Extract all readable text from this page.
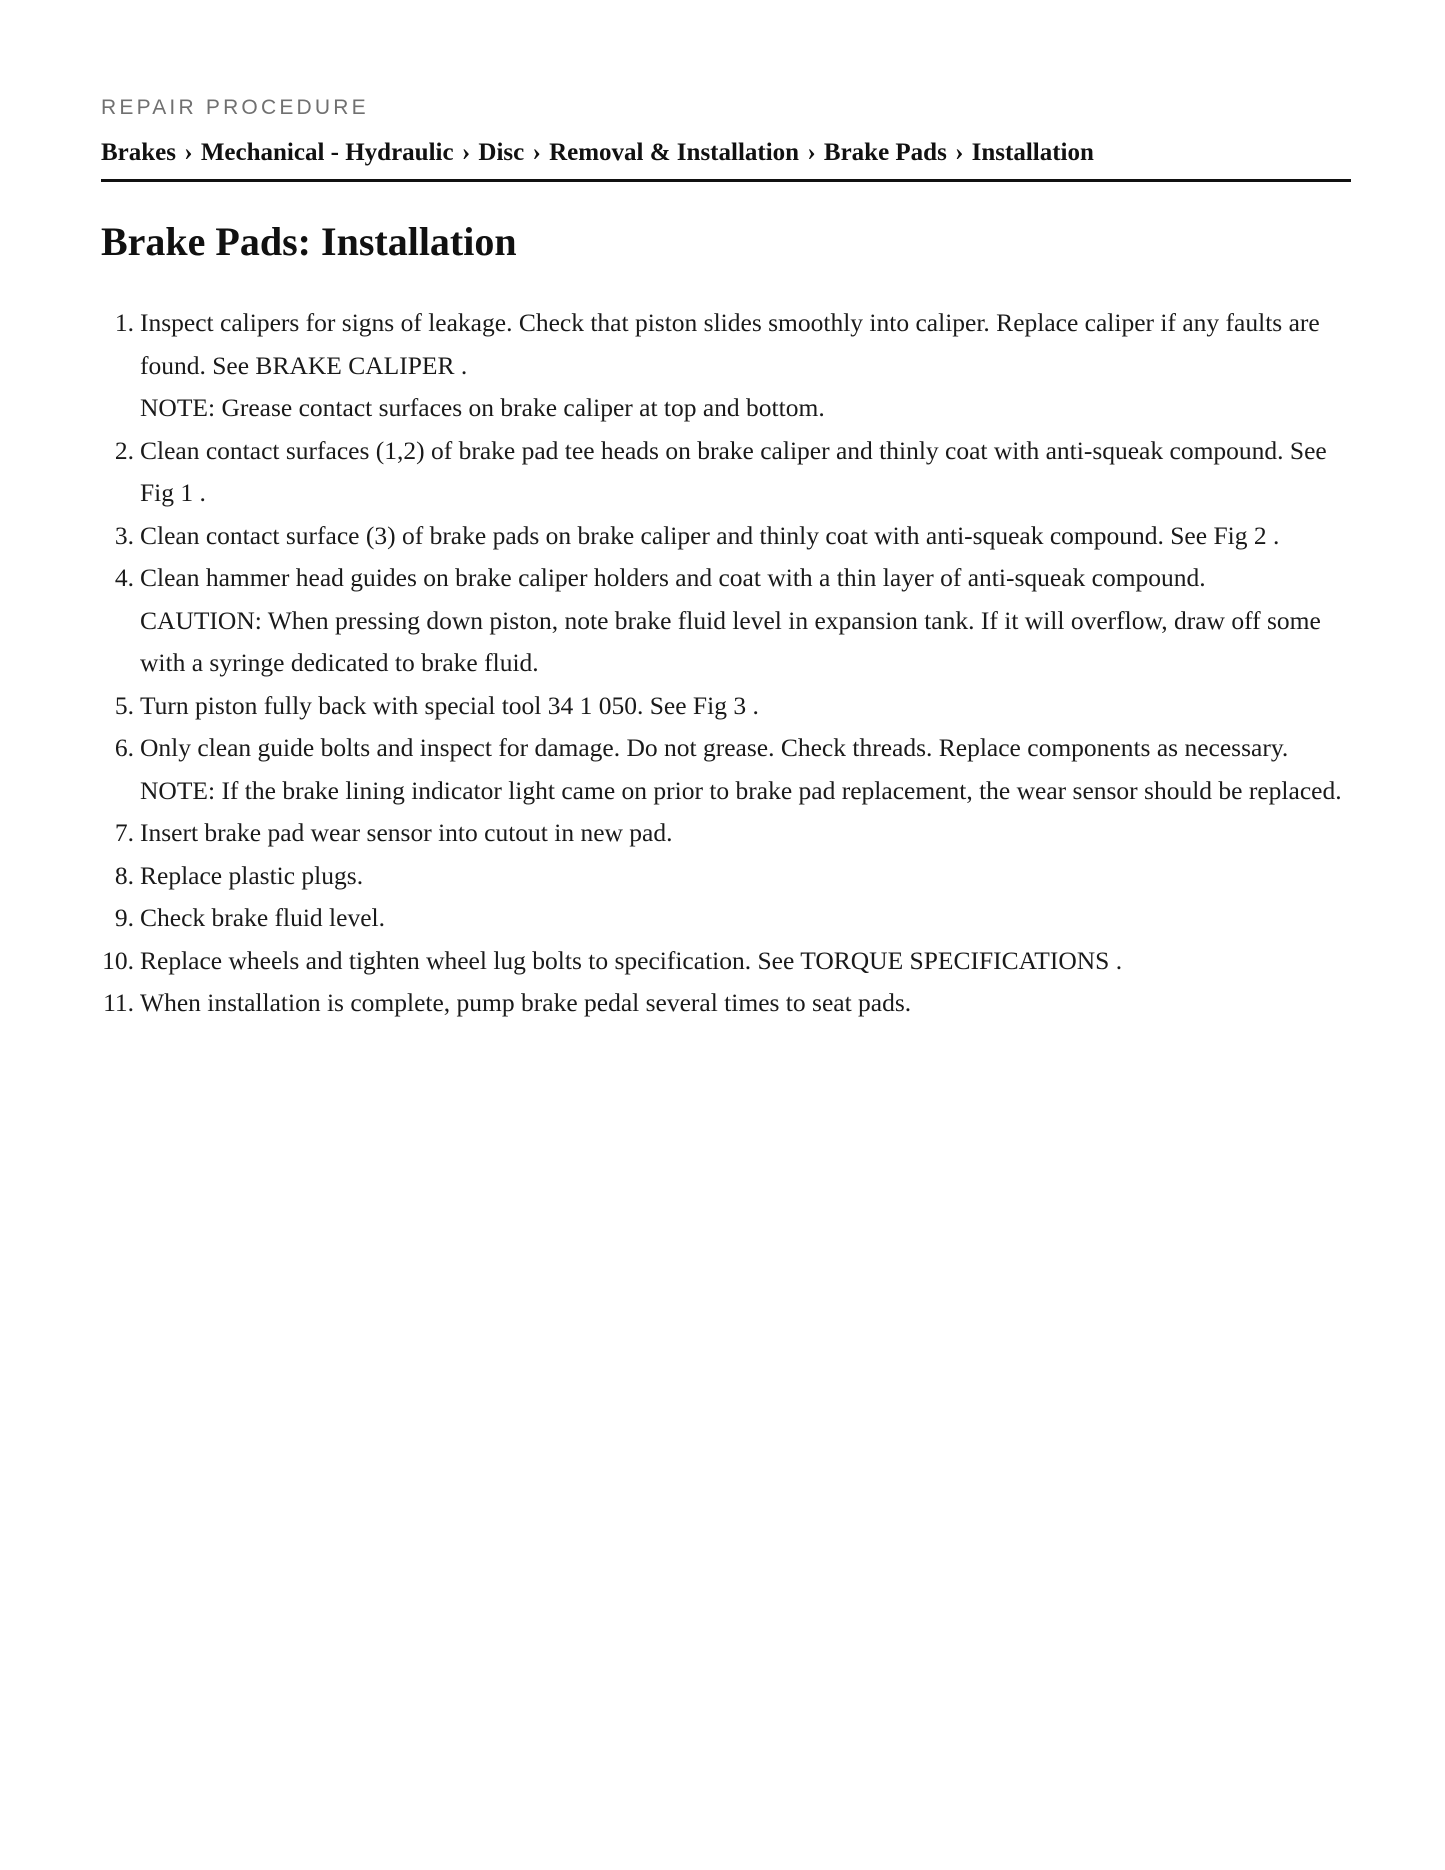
REPAIR PROCEDURE
Brakes › Mechanical - Hydraulic › Disc › Removal & Installation › Brake Pads › Installation
Brake Pads: Installation
1. Inspect calipers for signs of leakage. Check that piston slides smoothly into caliper. Replace caliper if any faults are found. See BRAKE CALIPER .
NOTE: Grease contact surfaces on brake caliper at top and bottom.
2. Clean contact surfaces (1,2) of brake pad tee heads on brake caliper and thinly coat with anti-squeak compound. See Fig 1 .
3. Clean contact surface (3) of brake pads on brake caliper and thinly coat with anti-squeak compound. See Fig 2 .
4. Clean hammer head guides on brake caliper holders and coat with a thin layer of anti-squeak compound.
CAUTION: When pressing down piston, note brake fluid level in expansion tank. If it will overflow, draw off some with a syringe dedicated to brake fluid.
5. Turn piston fully back with special tool 34 1 050. See Fig 3 .
6. Only clean guide bolts and inspect for damage. Do not grease. Check threads. Replace components as necessary.
NOTE: If the brake lining indicator light came on prior to brake pad replacement, the wear sensor should be replaced.
7. Insert brake pad wear sensor into cutout in new pad.
8. Replace plastic plugs.
9. Check brake fluid level.
10. Replace wheels and tighten wheel lug bolts to specification. See TORQUE SPECIFICATIONS .
11. When installation is complete, pump brake pedal several times to seat pads.
